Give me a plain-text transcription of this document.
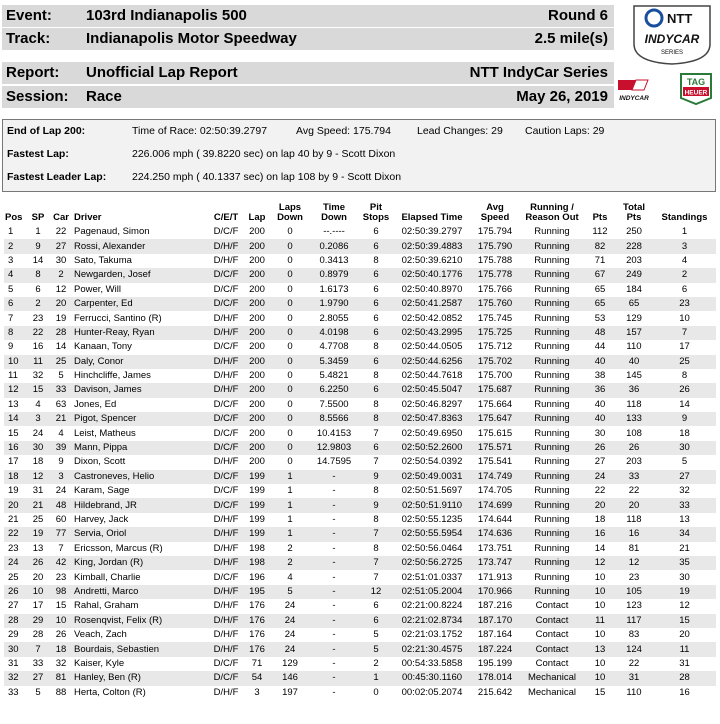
Event: 103rd Indianapolis 500
Track: Indianapolis Motor Speedway
Round 6
2.5 mile(s)
Report: Unofficial Lap Report
Session: Race
NTT IndyCar Series
May 26, 2019
NTT
INDYCAR
SERIES
INDYCAR
TAG
HEUER
End of Lap 200:	Time of Race: 02:50:39.2797	Avg Speed: 175.794 Lead Changes: 29 Caution Laps: 29
Fastest Lap:	226.006 mph ( 39.8220 sec) on lap 40 by 9 - Scott Dixon
Fastest Leader Lap: 224.250 mph ( 40.1337 sec) on lap 108 by 9 - Scott Dixon
Pos	SP	Car	Driver	C/E/T	Lap	Laps Down	Time Down	Pit Stops	Elapsed Time	Avg Speed	Running / Reason Out	Pts	Total Pts	Standings
1	1	22	Pagenaud, Simon	D/C/F	200	0	--.----	6	02:50:39.2797	175.794	Running	112	250	1
2	9	27	Rossi, Alexander	D/H/F	200	0	0.2086	6	02:50:39.4883	175.790	Running	82	228	3
3	14	30	Sato, Takuma	D/H/F	200	0	0.3413	8	02:50:39.6210	175.788	Running	71	203	4
4	8	2	Newgarden, Josef	D/C/F	200	0	0.8979	6	02:50:40.1776	175.778	Running	67	249	2
5	6	12	Power, Will	D/C/F	200	0	1.6173	6	02:50:40.8970	175.766	Running	65	184	6
6	2	20	Carpenter, Ed	D/C/F	200	0	1.9790	6	02:50:41.2587	175.760	Running	65	65	23
7	23	19	Ferrucci, Santino (R)	D/H/F	200	0	2.8055	6	02:50:42.0852	175.745	Running	53	129	10
8	22	28	Hunter-Reay, Ryan	D/H/F	200	0	4.0198	6	02:50:43.2995	175.725	Running	48	157	7
9	16	14	Kanaan, Tony	D/C/F	200	0	4.7708	8	02:50:44.0505	175.712	Running	44	110	17
10	11	25	Daly, Conor	D/H/F	200	0	5.3459	6	02:50:44.6256	175.702	Running	40	40	25
11	32	5	Hinchcliffe, James	D/H/F	200	0	5.4821	8	02:50:44.7618	175.700	Running	38	145	8
12	15	33	Davison, James	D/H/F	200	0	6.2250	6	02:50:45.5047	175.687	Running	36	36	26
13	4	63	Jones, Ed	D/C/F	200	0	7.5500	8	02:50:46.8297	175.664	Running	40	118	14
14	3	21	Pigot, Spencer	D/C/F	200	0	8.5566	8	02:50:47.8363	175.647	Running	40	133	9
15	24	4	Leist, Matheus	D/C/F	200	0	10.4153	7	02:50:49.6950	175.615	Running	30	108	18
16	30	39	Mann, Pippa	D/C/F	200	0	12.9803	6	02:50:52.2600	175.571	Running	26	26	30
17	18	9	Dixon, Scott	D/H/F	200	0	14.7595	7	02:50:54.0392	175.541	Running	27	203	5
18	12	3	Castroneves, Helio	D/C/F	199	1	-	9	02:50:49.0031	174.749	Running	24	33	27
19	31	24	Karam, Sage	D/C/F	199	1	-	8	02:50:51.5697	174.705	Running	22	22	32
20	21	48	Hildebrand, JR	D/C/F	199	1	-	9	02:50:51.9110	174.699	Running	20	20	33
21	25	60	Harvey, Jack	D/H/F	199	1	-	8	02:50:55.1235	174.644	Running	18	118	13
22	19	77	Servia, Oriol	D/H/F	199	1	-	7	02:50:55.5954	174.636	Running	16	16	34
23	13	7	Ericsson, Marcus (R)	D/H/F	198	2	-	8	02:50:56.0464	173.751	Running	14	81	21
24	26	42	King, Jordan (R)	D/H/F	198	2	-	7	02:50:56.2725	173.747	Running	12	12	35
25	20	23	Kimball, Charlie	D/C/F	196	4	-	7	02:51:01.0337	171.913	Running	10	23	30
26	10	98	Andretti, Marco	D/H/F	195	5	-	12	02:51:05.2004	170.966	Running	10	105	19
27	17	15	Rahal, Graham	D/H/F	176	24	-	6	02:21:00.8224	187.216	Contact	10	123	12
28	29	10	Rosenqvist, Felix (R)	D/H/F	176	24	-	6	02:21:02.8734	187.170	Contact	11	117	15
29	28	26	Veach, Zach	D/H/F	176	24	-	5	02:21:03.1752	187.164	Contact	10	83	20
30	7	18	Bourdais, Sebastien	D/H/F	176	24	-	5	02:21:30.4575	187.224	Contact	13	124	11
31	33	32	Kaiser, Kyle	D/C/F	71	129	-	2	00:54:33.5858	195.199	Contact	10	22	31
32	27	81	Hanley, Ben (R)	D/C/F	54	146	-	1	00:45:30.1160	178.014	Mechanical	10	31	28
33	5	88	Herta, Colton (R)	D/H/F	3	197	-	0	00:02:05.2074	215.642	Mechanical	15	110	16
